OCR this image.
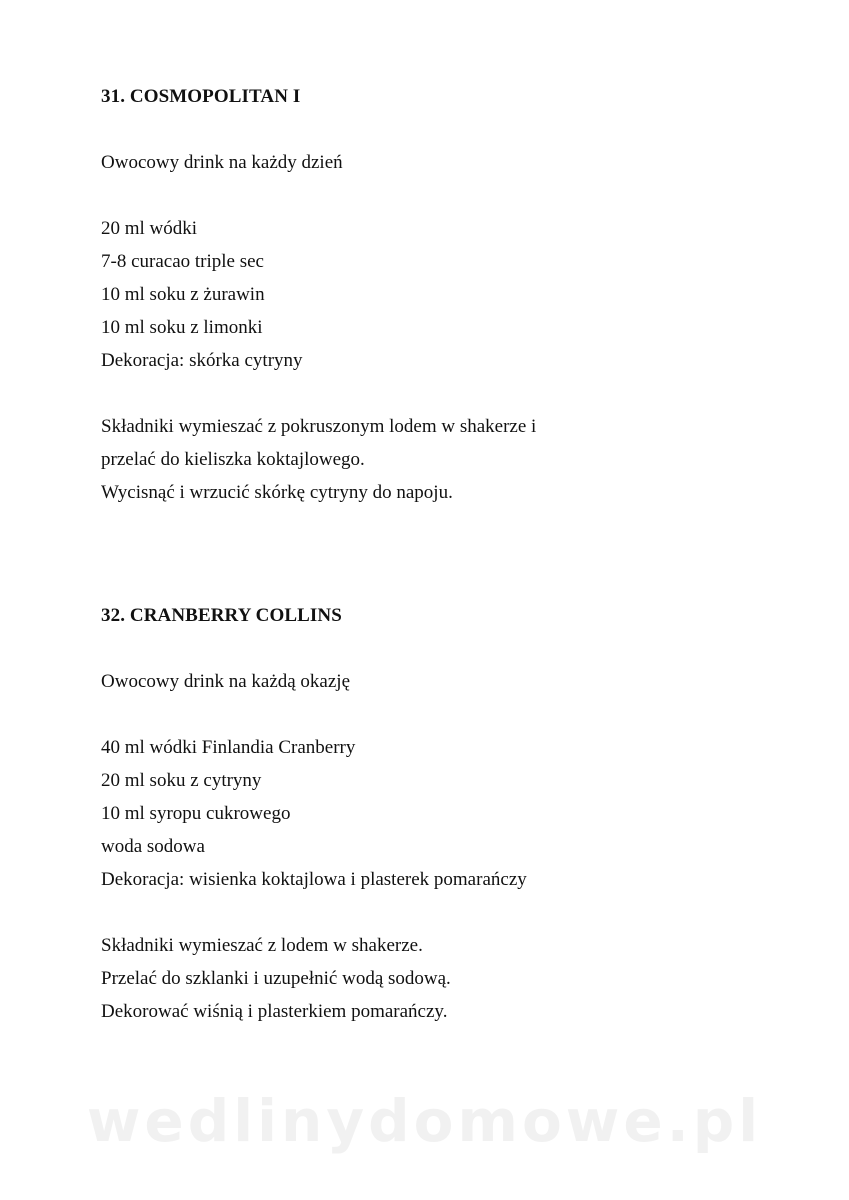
31. COSMOPOLITAN I
Owocowy drink na każdy dzień
20 ml wódki
7-8 curacao triple sec
10 ml soku z żurawin
10 ml soku z limonki
Dekoracja: skórka cytryny
Składniki wymieszać z pokruszonym lodem w shakerze i
przelać do kieliszka koktajlowego.
Wycisnąć i wrzucić skórkę cytryny do napoju.
32. CRANBERRY COLLINS
Owocowy drink na każdą okazję
40 ml wódki Finlandia Cranberry
20 ml soku z cytryny
10 ml syropu cukrowego
woda sodowa
Dekoracja: wisienka koktajlowa i plasterek pomarańczy
Składniki wymieszać z lodem w shakerze.
Przelać do szklanki i uzupełnić wodą sodową.
Dekorować wiśnią i plasterkiem pomarańczy.
wedlinydomowe.pl
